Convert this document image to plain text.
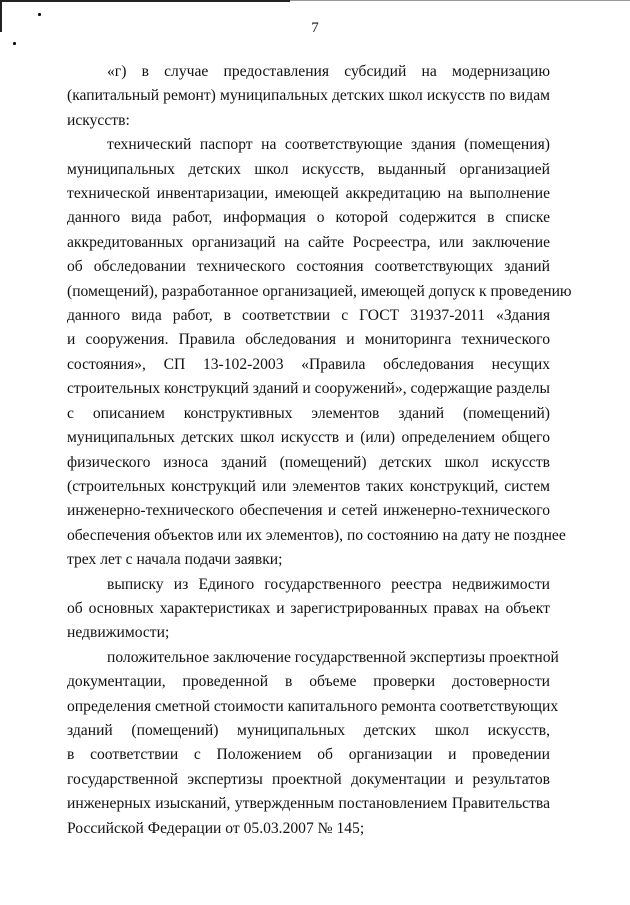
7
«г) в случае предоставления субсидий на модернизацию
(капитальный ремонт) муниципальных детских школ искусств по видам
искусств:
технический паспорт на соответствующие здания (помещения)
муниципальных детских школ искусств, выданный организацией
технической инвентаризации, имеющей аккредитацию на выполнение
данного вида работ, информация о которой содержится в списке
аккредитованных организаций на сайте Росреестра, или заключение
об обследовании технического состояния соответствующих зданий
(помещений), разработанное организацией, имеющей допуск к проведению
данного вида работ, в соответствии с ГОСТ 31937-2011 «Здания
и сооружения. Правила обследования и мониторинга технического
состояния», СП 13-102-2003 «Правила обследования несущих
строительных конструкций зданий и сооружений», содержащие разделы
с описанием конструктивных элементов зданий (помещений)
муниципальных детских школ искусств и (или) определением общего
физического износа зданий (помещений) детских школ искусств
(строительных конструкций или элементов таких конструкций, систем
инженерно-технического обеспечения и сетей инженерно-технического
обеспечения объектов или их элементов), по состоянию на дату не позднее
трех лет с начала подачи заявки;
выписку из Единого государственного реестра недвижимости
об основных характеристиках и зарегистрированных правах на объект
недвижимости;
положительное заключение государственной экспертизы проектной
документации, проведенной в объеме проверки достоверности
определения сметной стоимости капитального ремонта соответствующих
зданий (помещений) муниципальных детских школ искусств,
в соответствии с Положением об организации и проведении
государственной экспертизы проектной документации и результатов
инженерных изысканий, утвержденным постановлением Правительства
Российской Федерации от 05.03.2007 № 145;
